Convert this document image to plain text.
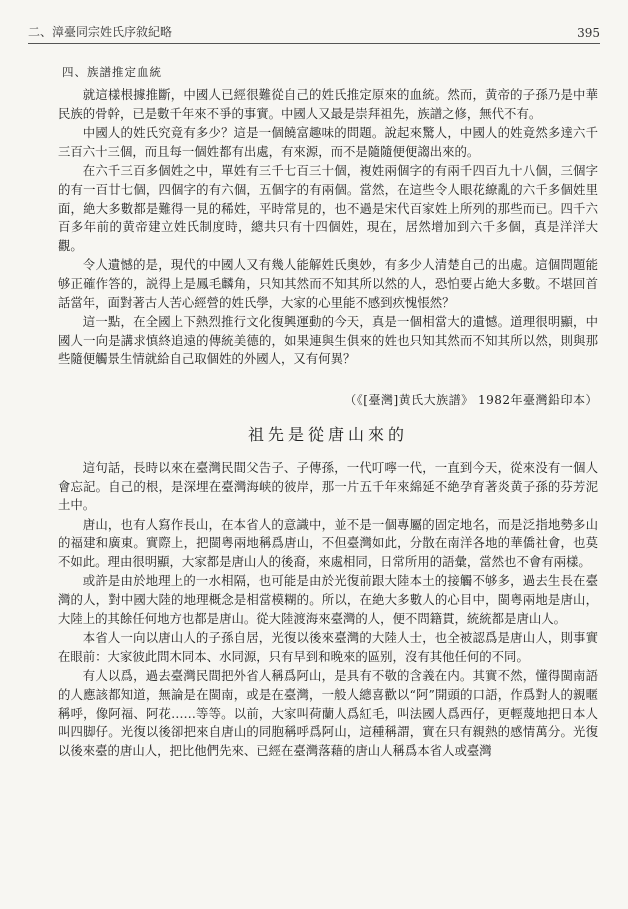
二、漳臺同宗姓氏序敘紀略	395
四、族譜推定血統

就這樣根據推斷，中國人已經很難從自己的姓氏推定原來的血統。然而，黄帝的子孫乃是中華民族的骨幹，已是數千年來不爭的事實。中國人又最是崇拜祖先，族譜之修，無代不有。

中國人的姓氏究竟有多少？這是一個饒富趣味的問題。說起來驚人，中國人的姓竟然多達六千三百六十三個，而且每一個姓都有出處，有來源，而不是隨隨便便謅出來的。

在六千三百多個姓之中，單姓有三千七百三十個，複姓兩個字的有兩千四百九十八個，三個字的有一百廿七個，四個字的有六個，五個字的有兩個。當然，在這些令人眼花繚亂的六千多個姓里面，絶大多數都是難得一見的稀姓，平時常見的，也不過是宋代百家姓上所列的那些而已。四千六百多年前的黄帝建立姓氏制度時，總共只有十四個姓，現在，居然增加到六千多個，真是洋洋大觀。

令人遺憾的是，現代的中國人又有幾人能解姓氏奥妙，有多少人清楚自己的出處。這個問題能够正確作答的，説得上是鳳毛麟角，只知其然而不知其所以然的人，恐怕要占絶大多數。不堪回首話當年，面對著古人苦心經營的姓氏學，大家的心里能不感到疚愧悵然？

這一點，在全國上下熱烈推行文化復興運動的今天，真是一個相當大的遺憾。道理很明顯，中國人一向是講求慎終追遠的傳統美德的，如果連與生俱來的姓也只知其然而不知其所以然，則與那些隨便觸景生情就給自己取個姓的外國人，又有何異？

（《[臺灣]黄氏大族譜》 1982年臺灣鉛印本）
祖先是從唐山來的

這句話，長時以來在臺灣民間父告子、子傳孫，一代叮嚀一代，一直到今天，從來没有一個人會忘記。自己的根，是深埋在臺灣海峡的彼岸，那一片五千年來綿延不絶孕育著炎黄子孫的芬芳泥土中。

唐山，也有人寫作長山，在本省人的意識中，並不是一個專屬的固定地名，而是泛指地勢多山的福建和廣東。實際上，把閩粤兩地稱爲唐山，不但臺灣如此，分散在南洋各地的華僑社會，也莫不如此。理由很明顯，大家都是唐山人的後裔，來處相同，日常所用的語彙，當然也不會有兩樣。

或許是由於地理上的一水相隔，也可能是由於光復前跟大陸本土的接觸不够多，過去生長在臺灣的人，對中國大陸的地理概念是相當模糊的。所以，在絶大多數人的心目中，閩粤兩地是唐山，大陸上的其餘任何地方也都是唐山。從大陸渡海來臺灣的人，便不問籍貫，統統都是唐山人。

本省人一向以唐山人的子孫自居，光復以後來臺灣的大陸人士，也全被認爲是唐山人，則事實在眼前：大家彼此問木同本、水同源，只有早到和晚來的區别，沒有其他任何的不同。

有人以爲，過去臺灣民間把外省人稱爲阿山，是具有不敬的含義在内。其實不然，懂得閩南語的人應該都知道，無論是在閩南，或是在臺灣，一般人總喜歡以“阿”開頭的口語，作爲對人的親暱稱呼，像阿福、阿花……等等。以前，大家叫荷蘭人爲紅毛，叫法國人爲西仔，更輕蔑地把日本人叫四脚仔。光復以後卻把來自唐山的同胞稱呼爲阿山，這種稱謂，實在只有親熱的感情萬分。光復以後來臺的唐山人，把比他們先來、已經在臺灣落藉的唐山人稱爲本省人或臺灣
